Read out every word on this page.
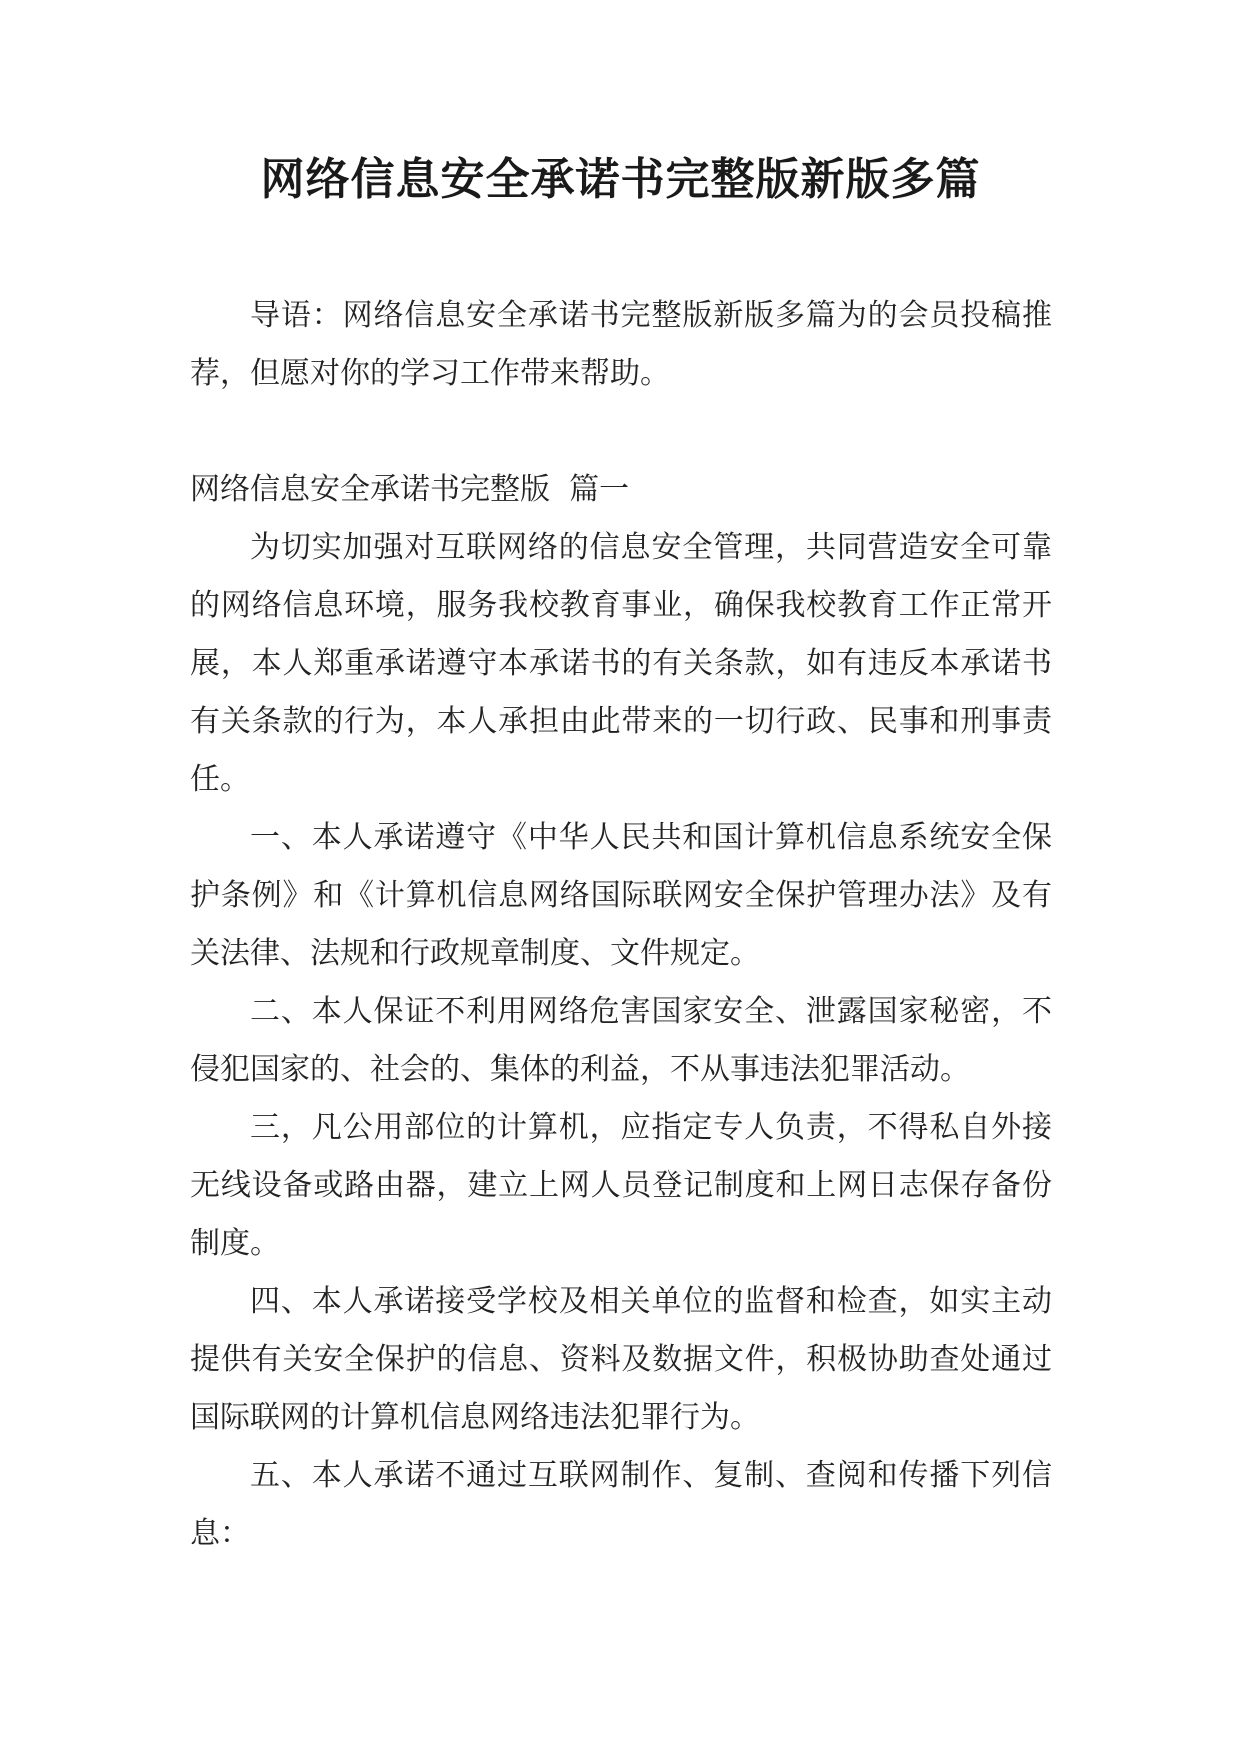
网络信息安全承诺书完整版新版多篇

导语：网络信息安全承诺书完整版新版多篇为的会员投稿推荐，但愿对你的学习工作带来帮助。

网络信息安全承诺书完整版  篇一

为切实加强对互联网络的信息安全管理，共同营造安全可靠的网络信息环境，服务我校教育事业，确保我校教育工作正常开展，本人郑重承诺遵守本承诺书的有关条款，如有违反本承诺书有关条款的行为，本人承担由此带来的一切行政、民事和刑事责任。

一、本人承诺遵守《中华人民共和国计算机信息系统安全保护条例》和《计算机信息网络国际联网安全保护管理办法》及有关法律、法规和行政规章制度、文件规定。

二、本人保证不利用网络危害国家安全、泄露国家秘密，不侵犯国家的、社会的、集体的利益，不从事违法犯罪活动。

三，凡公用部位的计算机，应指定专人负责，不得私自外接无线设备或路由器，建立上网人员登记制度和上网日志保存备份制度。

四、本人承诺接受学校及相关单位的监督和检查，如实主动提供有关安全保护的信息、资料及数据文件，积极协助查处通过国际联网的计算机信息网络违法犯罪行为。

五、本人承诺不通过互联网制作、复制、查阅和传播下列信息：
